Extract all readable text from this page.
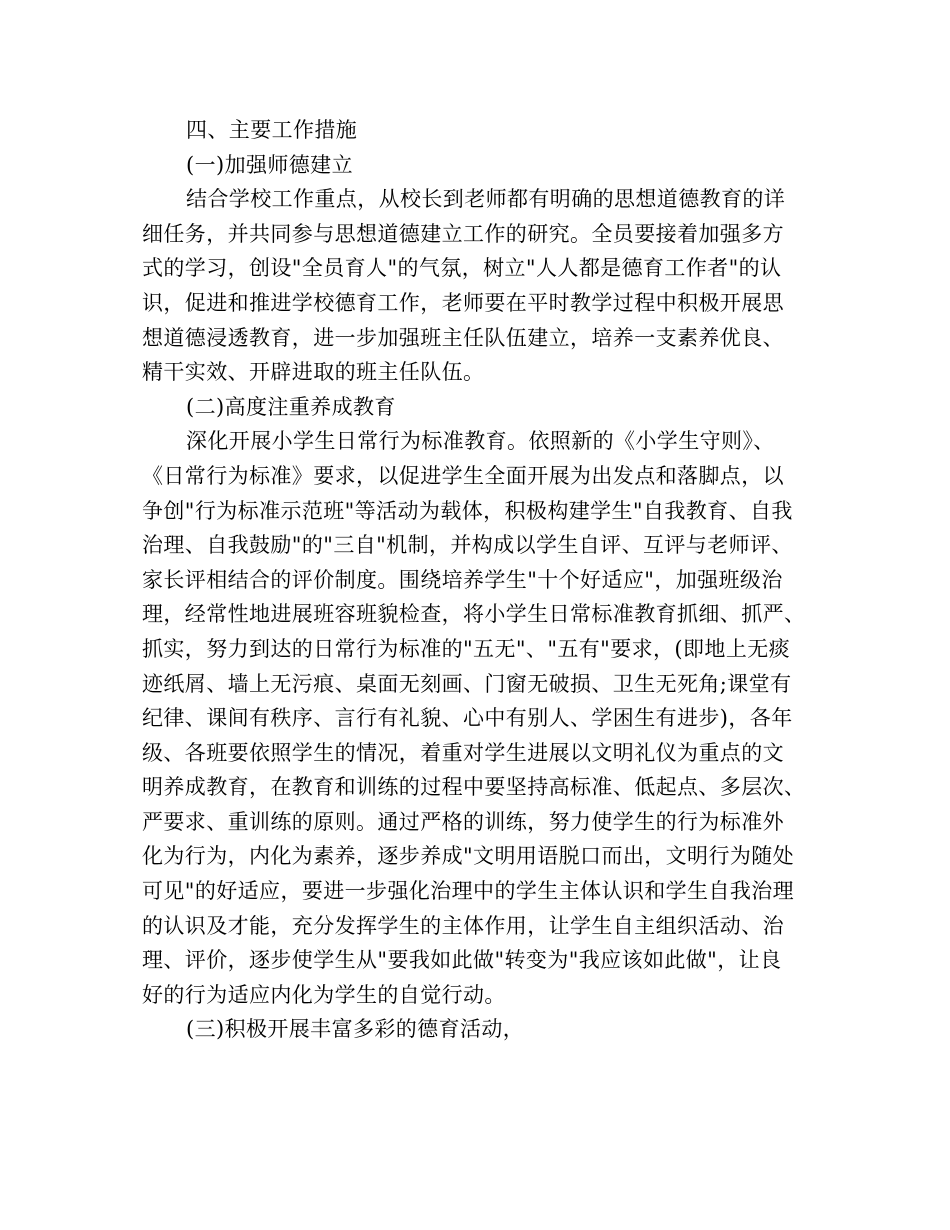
四、主要工作措施
(一)加强师德建立
结合学校工作重点，从校长到老师都有明确的思想道德教育的详
细任务，并共同参与思想道德建立工作的研究。全员要接着加强多方
式的学习，创设"全员育人"的气氛，树立"人人都是德育工作者"的认
识，促进和推进学校德育工作，老师要在平时教学过程中积极开展思
想道德浸透教育，进一步加强班主任队伍建立，培养一支素养优良、
精干实效、开辟进取的班主任队伍。
(二)高度注重养成教育
深化开展小学生日常行为标准教育。依照新的《小学生守则》、
《日常行为标准》要求，以促进学生全面开展为出发点和落脚点，以
争创"行为标准示范班"等活动为载体，积极构建学生"自我教育、自我
治理、自我鼓励"的"三自"机制，并构成以学生自评、互评与老师评、
家长评相结合的评价制度。围绕培养学生"十个好适应"，加强班级治
理，经常性地进展班容班貌检查，将小学生日常标准教育抓细、抓严、
抓实，努力到达的日常行为标准的"五无"、"五有"要求，(即地上无痰
迹纸屑、墙上无污痕、桌面无刻画、门窗无破损、卫生无死角;课堂有
纪律、课间有秩序、言行有礼貌、心中有别人、学困生有进步)，各年
级、各班要依照学生的情况，着重对学生进展以文明礼仪为重点的文
明养成教育，在教育和训练的过程中要坚持高标准、低起点、多层次、
严要求、重训练的原则。通过严格的训练，努力使学生的行为标准外
化为行为，内化为素养，逐步养成"文明用语脱口而出，文明行为随处
可见"的好适应，要进一步强化治理中的学生主体认识和学生自我治理
的认识及才能，充分发挥学生的主体作用，让学生自主组织活动、治
理、评价，逐步使学生从"要我如此做"转变为"我应该如此做"，让良
好的行为适应内化为学生的自觉行动。
(三)积极开展丰富多彩的德育活动，
